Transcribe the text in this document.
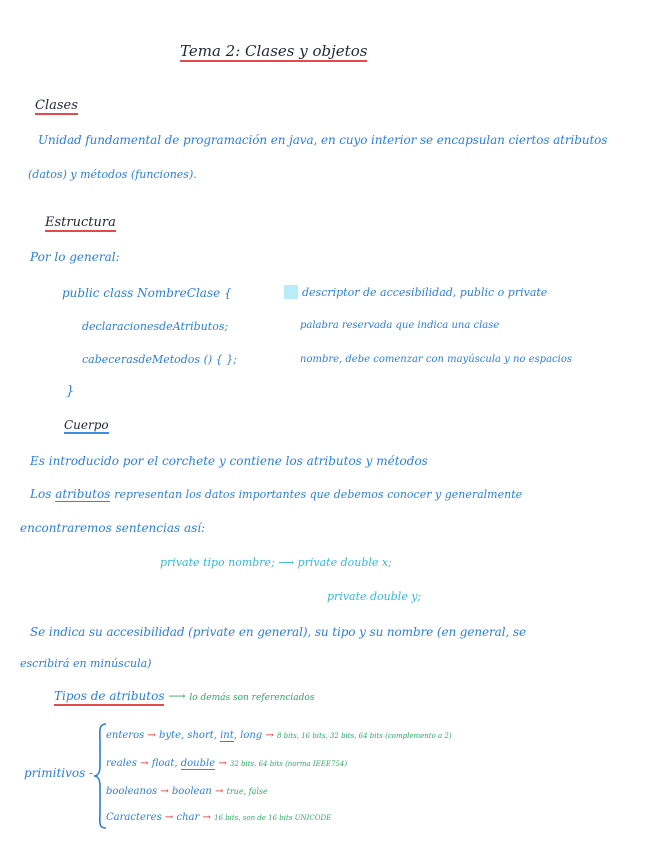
Tema 2: Clases y objetos
Clases
Unidad fundamental de programación en java, en cuyo interior se encapsulan ciertos atributos
(datos) y métodos (funciones).
Estructura
Por lo general:
public class NombreClase {
declaracionesdeAtributos;
cabecerasdeMetodos () { };
}
descriptor de accesibilidad, public o private
palabra reservada que indica una clase
nombre, debe comenzar con mayúscula y no espacios
Cuerpo
Es introducido por el corchete y contiene los atributos y métodos
Los atributos representan los datos importantes que debemos conocer y generalmente
encontraremos sentencias así:
private tipo nombre; ⟶ private double x;
private double y;
Se indica su accesibilidad (private en general), su tipo y su nombre (en general, se
escribirá en minúscula)
Tipos de atributos ⟶ lo demás son referenciados
primitivos -
enteros → byte, short, int, long → 8 bits, 16 bits, 32 bits, 64 bits (complemento a 2)
reales → float, double → 32 bits, 64 bits (norma IEEE754)
booleanos → boolean → true, false
Caracteres → char → 16 bits, son de 16 bits UNICODE
